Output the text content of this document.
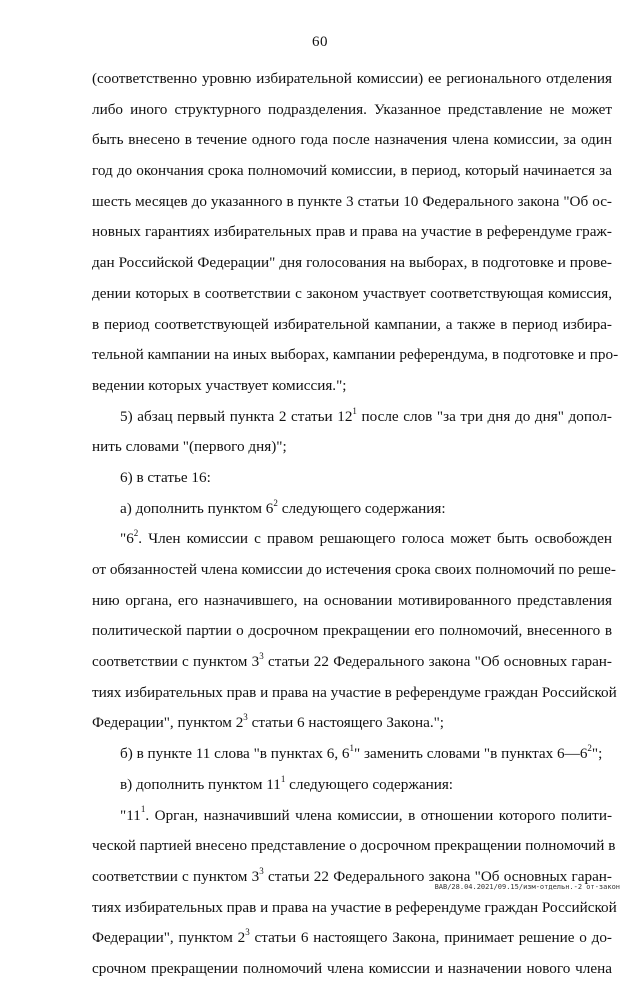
60
(соответственно уровню избирательной комиссии) ее регионального отделения
либо иного структурного подразделения. Указанное представление не может
быть внесено в течение одного года после назначения члена комиссии, за один
год до окончания срока полномочий комиссии, в период, который начинается за
шесть месяцев до указанного в пункте 3 статьи 10 Федерального закона "Об ос-
новных гарантиях избирательных прав и права на участие в референдуме граж-
дан Российской Федерации" дня голосования на выборах, в подготовке и прове-
дении которых в соответствии с законом участвует соответствующая комиссия,
в период соответствующей избирательной кампании, а также в период избира-
тельной кампании на иных выборах, кампании референдума, в подготовке и про-
ведении которых участвует комиссия.";
5) абзац первый пункта 2 статьи $12^1$ после слов "за три дня до дня" допол-
нить словами "(первого дня)";
6) в статье 16:
а) дополнить пунктом $6^2$ следующего содержания:
"$6^2$. Член комиссии с правом решающего голоса может быть освобожден
от обязанностей члена комиссии до истечения срока своих полномочий по реше-
нию органа, его назначившего, на основании мотивированного представления
политической партии о досрочном прекращении его полномочий, внесенного в
соответствии с пунктом $3^3$ статьи 22 Федерального закона "Об основных гаран-
тиях избирательных прав и права на участие в референдуме граждан Российской
Федерации", пунктом $2^3$ статьи 6 настоящего Закона.";
б) в пункте 11 слова "в пунктах 6, $6^1$" заменить словами "в пунктах $6—6^2$";
в) дополнить пунктом $11^1$ следующего содержания:
"$11^1$. Орган, назначивший члена комиссии, в отношении которого полити-
ческой партией внесено представление о досрочном прекращении полномочий в
соответствии с пунктом $3^3$ статьи 22 Федерального закона "Об основных гаран-
тиях избирательных прав и права на участие в референдуме граждан Российской
Федерации", пунктом $2^3$ статьи 6 настоящего Закона, принимает решение о до-
срочном прекращении полномочий члена комиссии и назначении нового члена
ВАВ/28.04.2021/09.15/изм-отдельн.-2 от-закон
